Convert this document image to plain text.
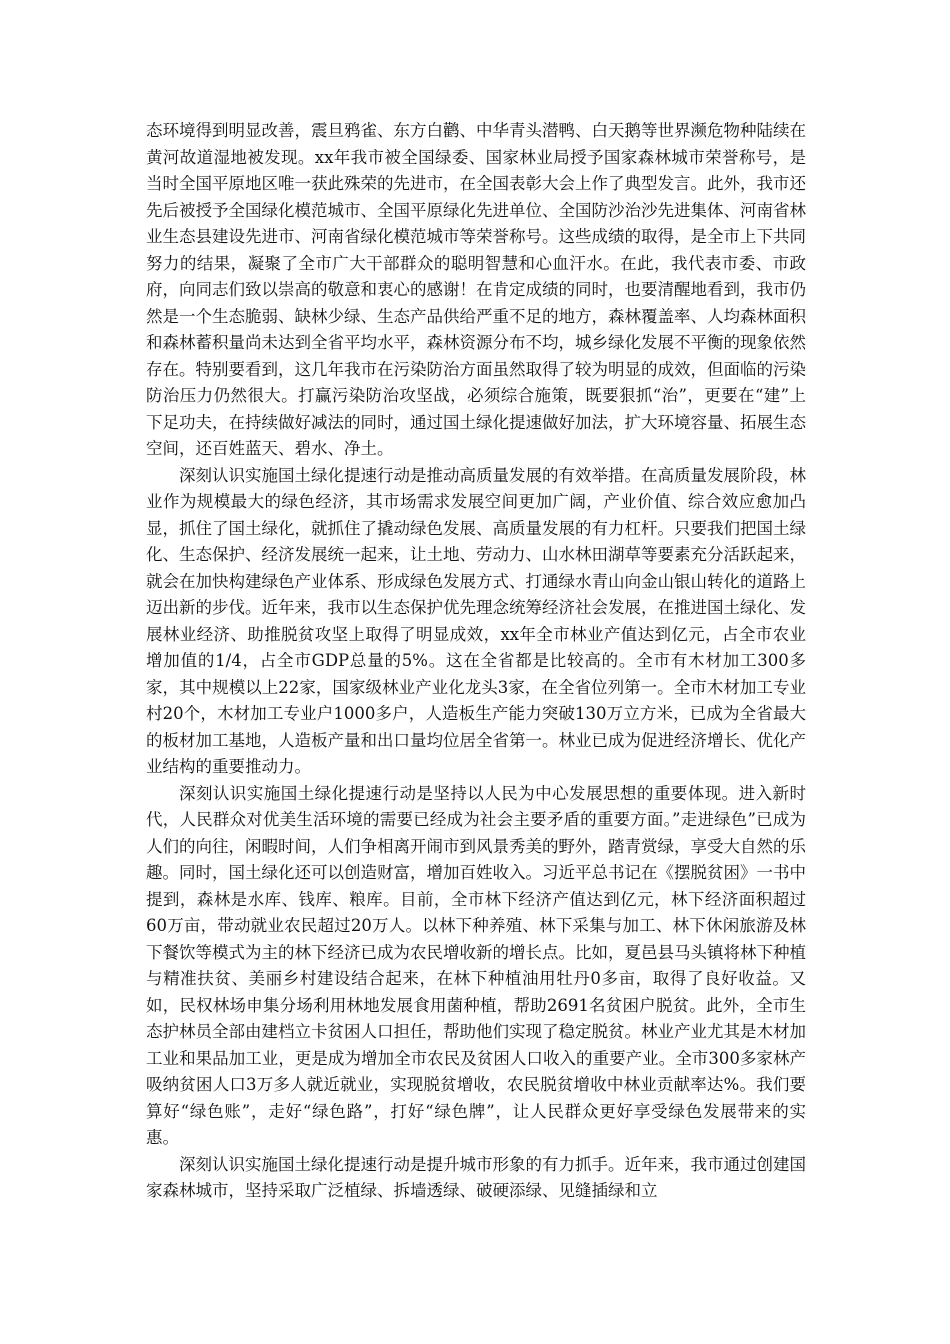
态环境得到明显改善，震旦鸦雀、东方白鹳、中华青头潜鸭、白天鹅等世界濒危物种陆续在黄河故道湿地被发现。xx年我市被全国绿委、国家林业局授予国家森林城市荣誉称号，是当时全国平原地区唯一获此殊荣的先进市，在全国表彰大会上作了典型发言。此外，我市还先后被授予全国绿化模范城市、全国平原绿化先进单位、全国防沙治沙先进集体、河南省林业生态县建设先进市、河南省绿化模范城市等荣誉称号。这些成绩的取得，是全市上下共同努力的结果，凝聚了全市广大干部群众的聪明智慧和心血汗水。在此，我代表市委、市政府，向同志们致以崇高的敬意和衷心的感谢！在肯定成绩的同时，也要清醒地看到，我市仍然是一个生态脆弱、缺林少绿、生态产品供给严重不足的地方，森林覆盖率、人均森林面积和森林蓄积量尚未达到全省平均水平，森林资源分布不均，城乡绿化发展不平衡的现象依然存在。特别要看到，这几年我市在污染防治方面虽然取得了较为明显的成效，但面临的污染防治压力仍然很大。打赢污染防治攻坚战，必须综合施策，既要狠抓“治”，更要在“建”上下足功夫，在持续做好减法的同时，通过国土绿化提速做好加法，扩大环境容量、拓展生态空间，还百姓蓝天、碧水、净土。

深刻认识实施国土绿化提速行动是推动高质量发展的有效举措。在高质量发展阶段，林业作为规模最大的绿色经济，其市场需求发展空间更加广阔，产业价值、综合效应愈加凸显，抓住了国土绿化，就抓住了撬动绿色发展、高质量发展的有力杠杆。只要我们把国土绿化、生态保护、经济发展统一起来，让土地、劳动力、山水林田湖草等要素充分活跃起来，就会在加快构建绿色产业体系、形成绿色发展方式、打通绿水青山向金山银山转化的道路上迈出新的步伐。近年来，我市以生态保护优先理念统筹经济社会发展，在推进国土绿化、发展林业经济、助推脱贫攻坚上取得了明显成效，xx年全市林业产值达到亿元，占全市农业增加值的1/4，占全市GDP总量的5%。这在全省都是比较高的。全市有木材加工300多家，其中规模以上22家，国家级林业产业化龙头3家，在全省位列第一。全市木材加工专业村20个，木材加工专业户1000多户，人造板生产能力突破130万立方米，已成为全省最大的板材加工基地，人造板产量和出口量均位居全省第一。林业已成为促进经济增长、优化产业结构的重要推动力。

深刻认识实施国土绿化提速行动是坚持以人民为中心发展思想的重要体现。进入新时代，人民群众对优美生活环境的需要已经成为社会主要矛盾的重要方面。”走进绿色”已成为人们的向往，闲暇时间，人们争相离开闹市到风景秀美的野外，踏青赏绿，享受大自然的乐趣。同时，国土绿化还可以创造财富，增加百姓收入。习近平总书记在《摆脱贫困》一书中提到，森林是水库、钱库、粮库。目前，全市林下经济产值达到亿元，林下经济面积超过60万亩，带动就业农民超过20万人。以林下种养殖、林下采集与加工、林下休闲旅游及林下餐饮等模式为主的林下经济已成为农民增收新的增长点。比如，夏邑县马头镇将林下种植与精准扶贫、美丽乡村建设结合起来，在林下种植油用牡丹0多亩，取得了良好收益。又如，民权林场申集分场利用林地发展食用菌种植，帮助2691名贫困户脱贫。此外，全市生态护林员全部由建档立卡贫困人口担任，帮助他们实现了稳定脱贫。林业产业尤其是木材加工业和果品加工业，更是成为增加全市农民及贫困人口收入的重要产业。全市300多家林产吸纳贫困人口3万多人就近就业，实现脱贫增收，农民脱贫增收中林业贡献率达%。我们要算好“绿色账”，走好“绿色路”，打好“绿色牌”，让人民群众更好享受绿色发展带来的实惠。

深刻认识实施国土绿化提速行动是提升城市形象的有力抓手。近年来，我市通过创建国家森林城市，坚持采取广泛植绿、拆墙透绿、破硬添绿、见缝插绿和立
